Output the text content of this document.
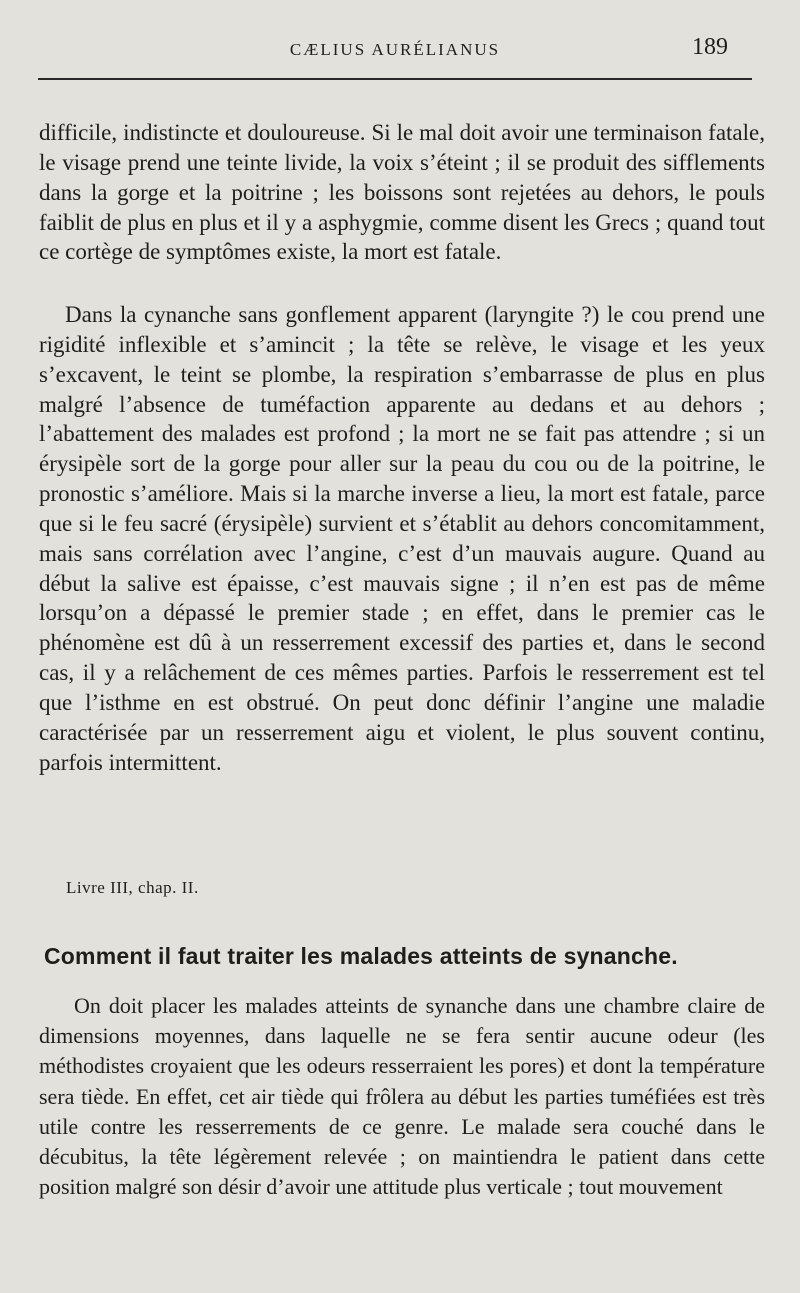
CÆLIUS AURÉLIANUS	189

difficile, indistincte et douloureuse. Si le mal doit avoir une terminaison fatale, le visage prend une teinte livide, la voix s’éteint ; il se produit des sifflements dans la gorge et la poitrine ; les boissons sont rejetées au dehors, le pouls faiblit de plus en plus et il y a asphygmie, comme disent les Grecs ; quand tout ce cortège de symptômes existe, la mort est fatale.

Dans la cynanche sans gonflement apparent (laryngite ?) le cou prend une rigidité inflexible et s’amincit ; la tête se relève, le visage et les yeux s’excavent, le teint se plombe, la respiration s’embarrasse de plus en plus malgré l’absence de tuméfaction apparente au dedans et au dehors ; l’abattement des malades est profond ; la mort ne se fait pas attendre ; si un érysipèle sort de la gorge pour aller sur la peau du cou ou de la poitrine, le pronostic s’améliore. Mais si la marche inverse a lieu, la mort est fatale, parce que si le feu sacré (érysipèle) survient et s’établit au dehors concomitamment, mais sans corrélation avec l’angine, c’est d’un mauvais augure. Quand au début la salive est épaisse, c’est mauvais signe ; il n’en est pas de même lorsqu’on a dépassé le premier stade ; en effet, dans le premier cas le phénomène est dû à un resserrement excessif des parties et, dans le second cas, il y a relâchement de ces mêmes parties. Parfois le resserrement est tel que l’isthme en est obstrué. On peut donc définir l’angine une maladie caractérisée par un resserrement aigu et violent, le plus souvent continu, parfois intermittent.

Livre III, chap. II.

Comment il faut traiter les malades atteints de synanche.

On doit placer les malades atteints de synanche dans une chambre claire de dimensions moyennes, dans laquelle ne se fera sentir aucune odeur (les méthodistes croyaient que les odeurs resserraient les pores) et dont la température sera tiède. En effet, cet air tiède qui frôlera au début les parties tuméfiées est très utile contre les resserrements de ce genre. Le malade sera couché dans le décubitus, la tête légèrement relevée ; on maintiendra le patient dans cette position malgré son désir d’avoir une attitude plus verticale ; tout mouvement
